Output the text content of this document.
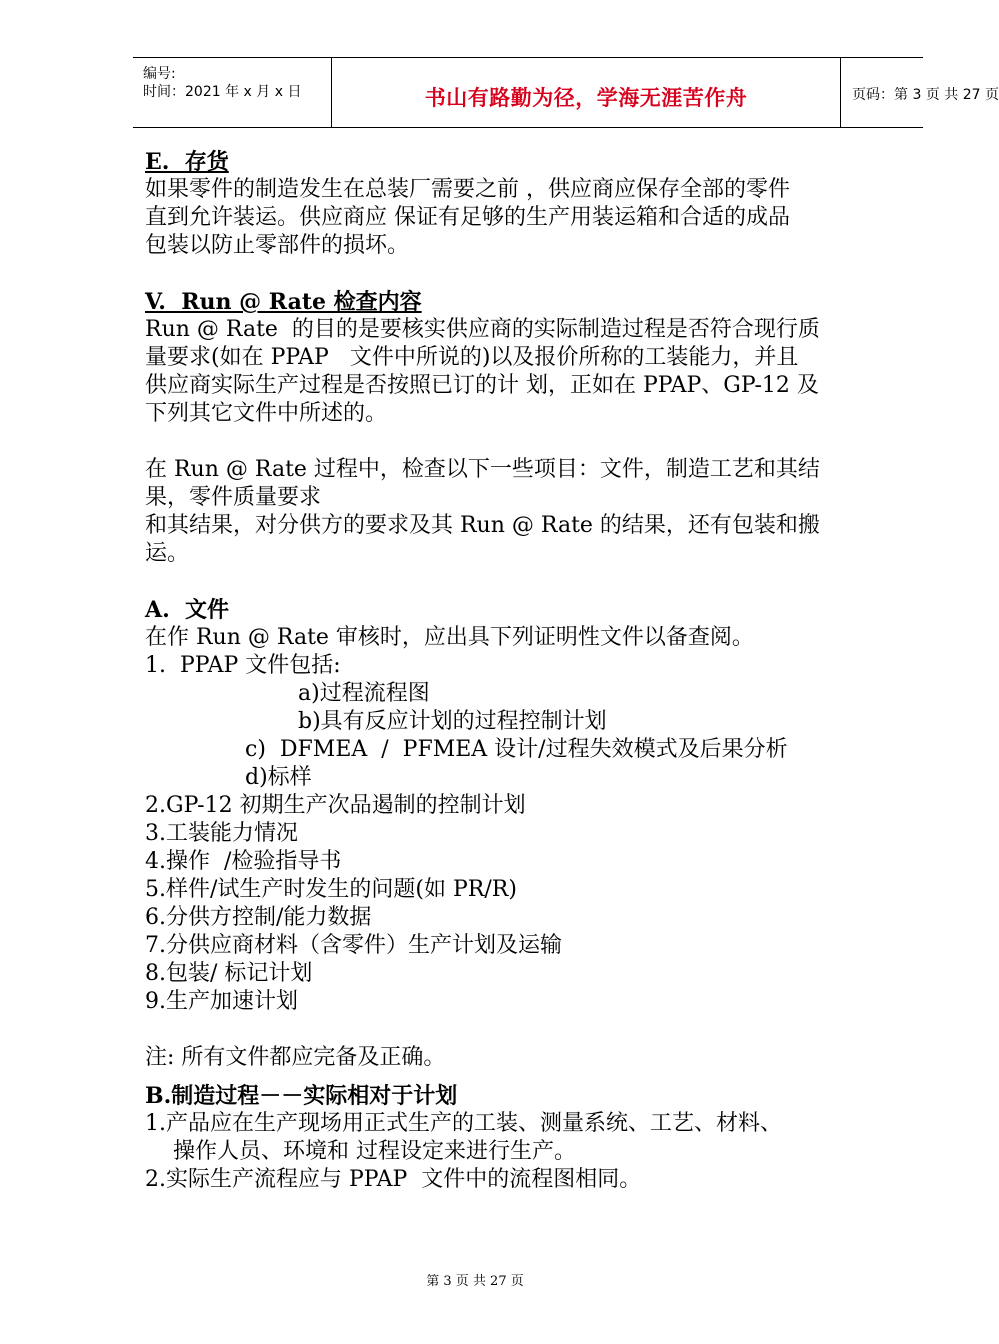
编号:
时间：2021 年 x 月 x 日	书山有路勤为径，学海无涯苦作舟	页码：第 3 页 共 27 页
E.  存货
如果零件的制造发生在总装厂需要之前 ，供应商应保存全部的零件
直到允许装运。供应商应 保证有足够的生产用装运箱和合适的成品
包装以防止零部件的损坏。
V.  Run @ Rate 检查内容
Run @ Rate  的目的是要核实供应商的实际制造过程是否符合现行质
量要求(如在 PPAP   文件中所说的)以及报价所称的工装能力，并且
供应商实际生产过程是否按照已订的计 划，正如在 PPAP、GP-12 及
下列其它文件中所述的。
在 Run @ Rate 过程中，检查以下一些项目：文件，制造工艺和其结
果，零件质量要求
和其结果，对分供方的要求及其 Run @ Rate 的结果，还有包装和搬
运。
A.  文件
在作 Run @ Rate 审核时，应出具下列证明性文件以备查阅。
1.  PPAP 文件包括:
a)过程流程图
b)具有反应计划的过程控制计划
c)  DFMEA  /  PFMEA 设计/过程失效模式及后果分析
d)标样
2.GP-12 初期生产次品遏制的控制计划
3.工装能力情况
4.操作  /检验指导书
5.样件/试生产时发生的问题(如 PR/R)
6.分供方控制/能力数据
7.分供应商材料（含零件）生产计划及运输
8.包装/ 标记计划
9.生产加速计划
注: 所有文件都应完备及正确。
B.制造过程－－实际相对于计划
1.产品应在生产现场用正式生产的工装、测量系统、工艺、材料、
操作人员、环境和 过程设定来进行生产。
2.实际生产流程应与 PPAP  文件中的流程图相同。
第 3 页 共 27 页
